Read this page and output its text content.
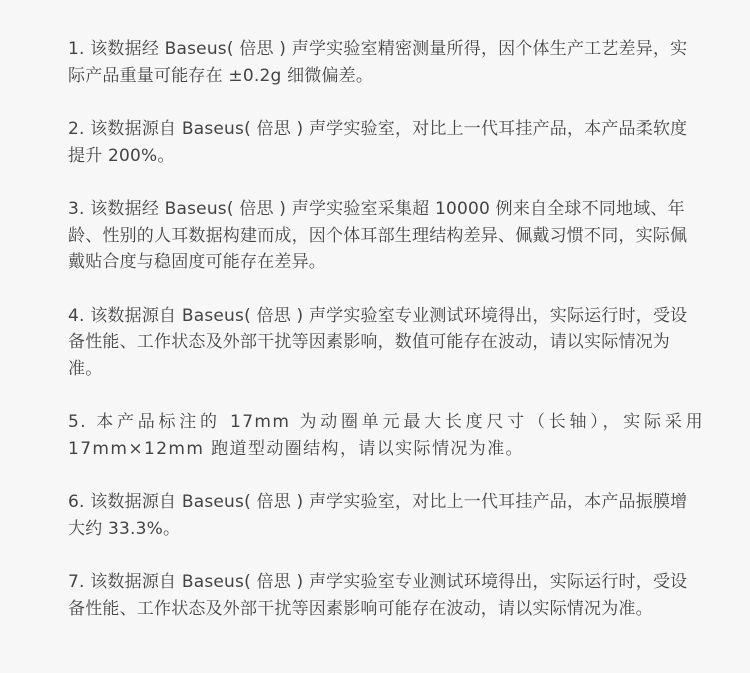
1. 该数据经 Baseus( 倍思 ) 声学实验室精密测量所得，因个体生产工艺差异，实际产品重量可能存在 ±0.2g 细微偏差。

2. 该数据源自 Baseus( 倍思 ) 声学实验室，对比上一代耳挂产品，本产品柔软度提升 200%。

3. 该数据经 Baseus( 倍思 ) 声学实验室采集超 10000 例来自全球不同地域、年龄、性别的人耳数据构建而成，因个体耳部生理结构差异、佩戴习惯不同，实际佩戴贴合度与稳固度可能存在差异。

4. 该数据源自 Baseus( 倍思 ) 声学实验室专业测试环境得出，实际运行时，受设备性能、工作状态及外部干扰等因素影响，数值可能存在波动，请以实际情况为准。

5. 本产品标注的 17mm 为动圈单元最大长度尺寸（长轴），实际采用 17mm×12mm 跑道型动圈结构，请以实际情况为准。

6. 该数据源自 Baseus( 倍思 ) 声学实验室，对比上一代耳挂产品，本产品振膜增大约 33.3%。

7. 该数据源自 Baseus( 倍思 ) 声学实验室专业测试环境得出，实际运行时，受设备性能、工作状态及外部干扰等因素影响可能存在波动，请以实际情况为准。
